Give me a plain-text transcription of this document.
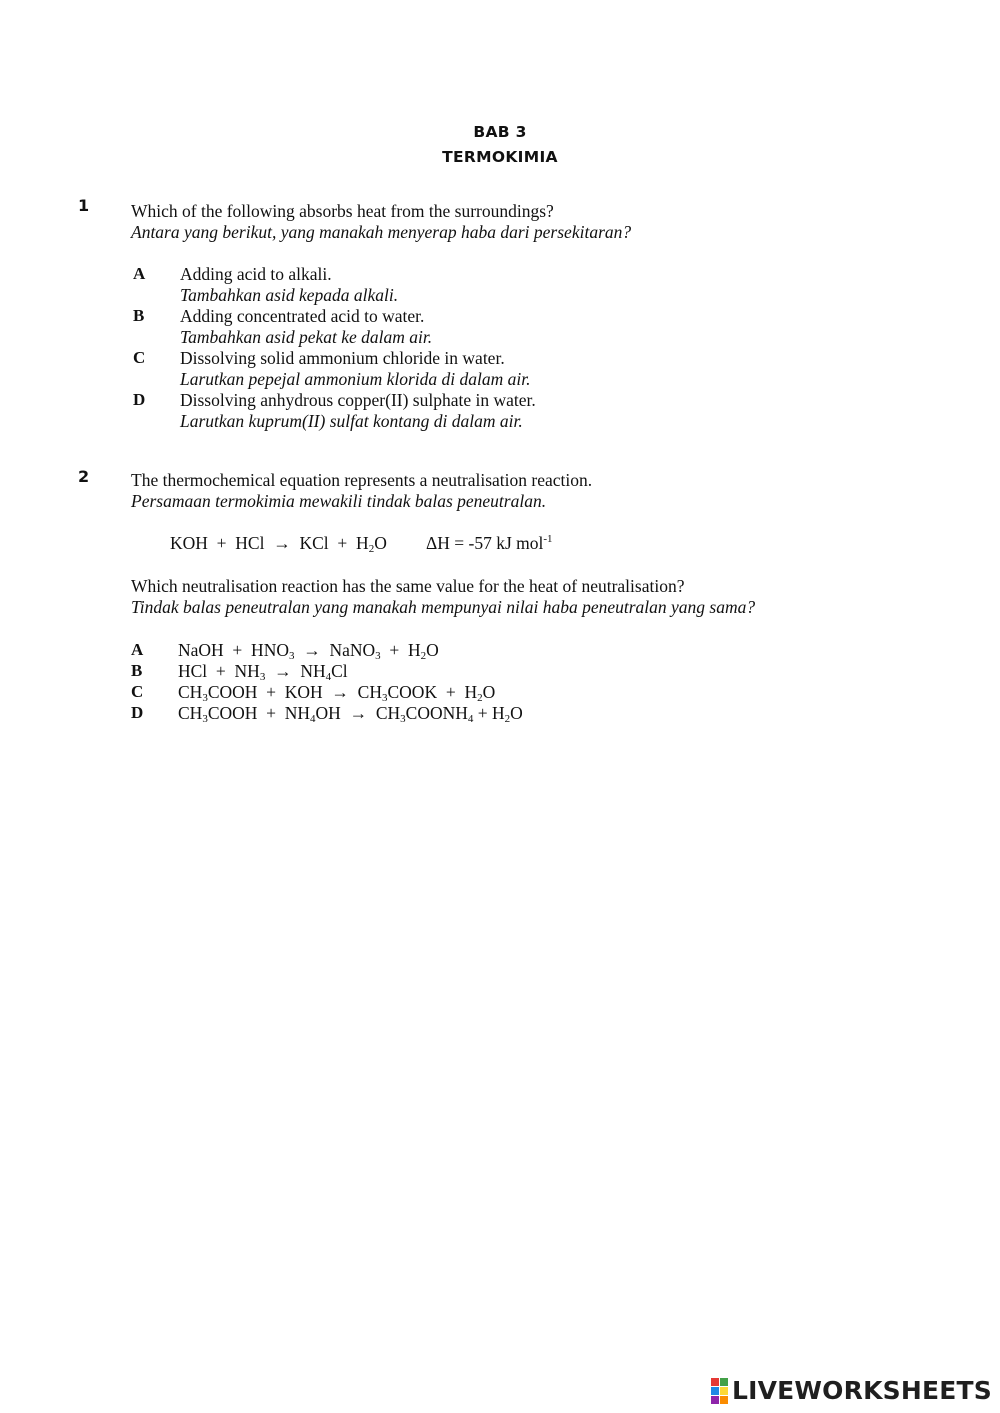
BAB 3
TERMOKIMIA
1 Which of the following absorbs heat from the surroundings?
Antara yang berikut, yang manakah menyerap haba dari persekitaran?
A Adding acid to alkali.
Tambahkan asid kepada alkali.
B Adding concentrated acid to water.
Tambahkan asid pekat ke dalam air.
C Dissolving solid ammonium chloride in water.
Larutkan pepejal ammonium klorida di dalam air.
D Dissolving anhydrous copper(II) sulphate in water.
Larutkan kuprum(II) sulfat kontang di dalam air.
2 The thermochemical equation represents a neutralisation reaction.
Persamaan termokimia mewakili tindak balas peneutralan.
KOH + HCl → KCl + $H_2O$ ΔH = -57 kJ mol$^{-1}$
Which neutralisation reaction has the same value for the heat of neutralisation?
Tindak balas peneutralan yang manakah mempunyai nilai haba peneutralan yang sama?
A NaOH  +  $HNO_3$  →  NaNO$_3$  +  $H_2O$
B HCl  +  $NH_3 \to NH_4Cl$
C $CH_3COOH$  +  KOH  →  $CH_3COOK + H_2O$
D $CH_3COOH + NH_4OH$  →  $CH_3COONH_4 + H_2O$
LIVEWORKSHEETS
